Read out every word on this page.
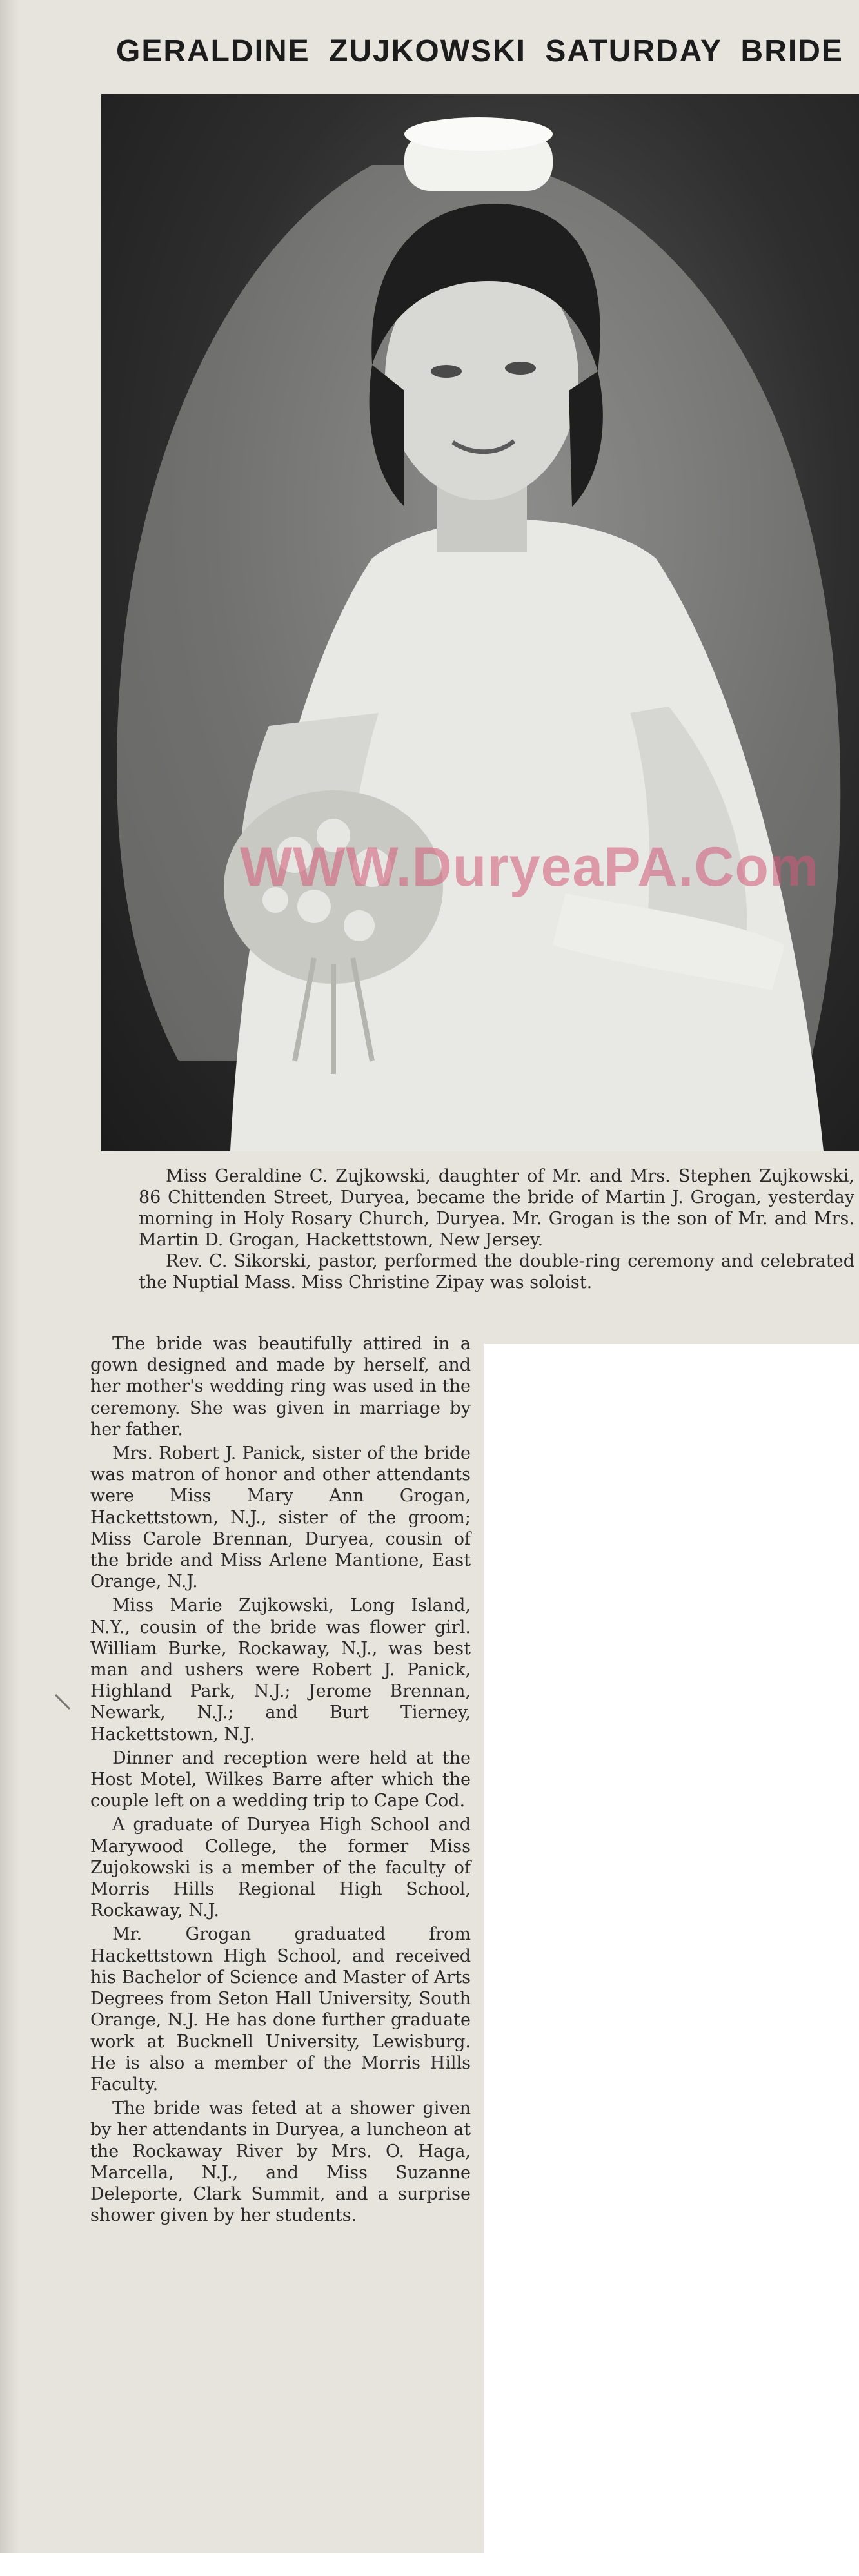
GERALDINE ZUJKOWSKI SATURDAY BRIDE
WWW.DuryeaPA.Com

Miss Geraldine C. Zujkowski, daughter of Mr. and Mrs. Stephen Zujkowski, 86 Chittenden Street, Duryea, became the bride of Martin J. Grogan, yesterday morning in Holy Rosary Church, Duryea. Mr. Grogan is the son of Mr. and Mrs. Martin D. Grogan, Hackettstown, New Jersey.

Rev. C. Sikorski, pastor, performed the double-ring ceremony and celebrated the Nuptial Mass. Miss Christine Zipay was soloist.

The bride was beautifully attired in a gown designed and made by herself, and her mother's wedding ring was used in the ceremony. She was given in marriage by her father.

Mrs. Robert J. Panick, sister of the bride was matron of honor and other attendants were Miss Mary Ann Grogan, Hackettstown, N.J., sister of the groom; Miss Carole Brennan, Duryea, cousin of the bride and Miss Arlene Mantione, East Orange, N.J.

Miss Marie Zujkowski, Long Island, N.Y., cousin of the bride was flower girl. William Burke, Rockaway, N.J., was best man and ushers were Robert J. Panick, Highland Park, N.J.; Jerome Brennan, Newark, N.J.; and Burt Tierney, Hackettstown, N.J.

Dinner and reception were held at the Host Motel, Wilkes Barre after which the couple left on a wedding trip to Cape Cod.

A graduate of Duryea High School and Marywood College, the former Miss Zujokowski is a member of the faculty of Morris Hills Regional High School, Rockaway, N.J.

Mr. Grogan graduated from Hackettstown High School, and received his Bachelor of Science and Master of Arts Degrees from Seton Hall University, South Orange, N.J. He has done further graduate work at Bucknell University, Lewisburg. He is also a member of the Morris Hills Faculty.

The bride was feted at a shower given by her attendants in Duryea, a luncheon at the Rockaway River by Mrs. O. Haga, Marcella, N.J., and Miss Suzanne Deleporte, Clark Summit, and a surprise shower given by her students.
